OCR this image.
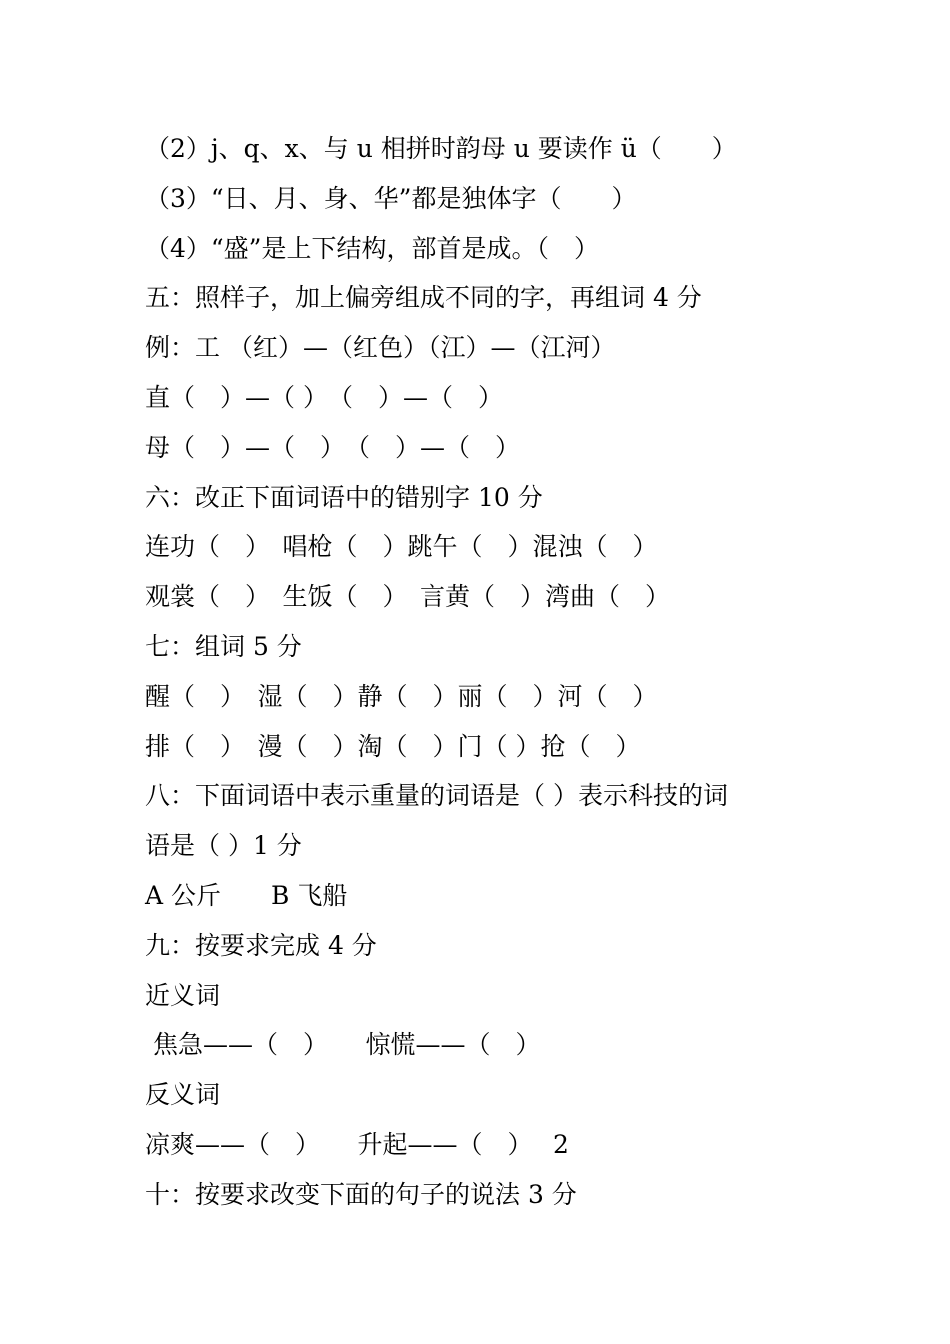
（2）j、q、x、与 u 相拼时韵母 u 要读作 ü（　　）
（3）“日、月、身、华”都是独体字（　　）
（4）“盛”是上下结构，部首是成。（　）
五：照样子，加上偏旁组成不同的字，再组词 4 分
例：工 （红）—（红色）（江）—（江河）
直（　）—（ ）　（　）—（　）
母（　）—（　）　（　）—（　）
六：改正下面词语中的错别字 10 分
连功（　）　唱枪（　）跳午（　）混浊（　）
观裳（　）　生饭（　）　言黄（　）湾曲（　）
七：组词 5 分
醒（　）　湿（　）静（　）丽（　）河（　）
排（　）　漫（　）淘（　）门（ ）抢（　）
八：下面词语中表示重量的词语是（ ）表示科技的词
语是（ ）1 分
A 公斤　　B 飞船
九：按要求完成 4 分
近义词
焦急——（　）　　惊慌——（　）
反义词
凉爽——（　）　　升起——（　）　 2
十：按要求改变下面的句子的说法 3 分
